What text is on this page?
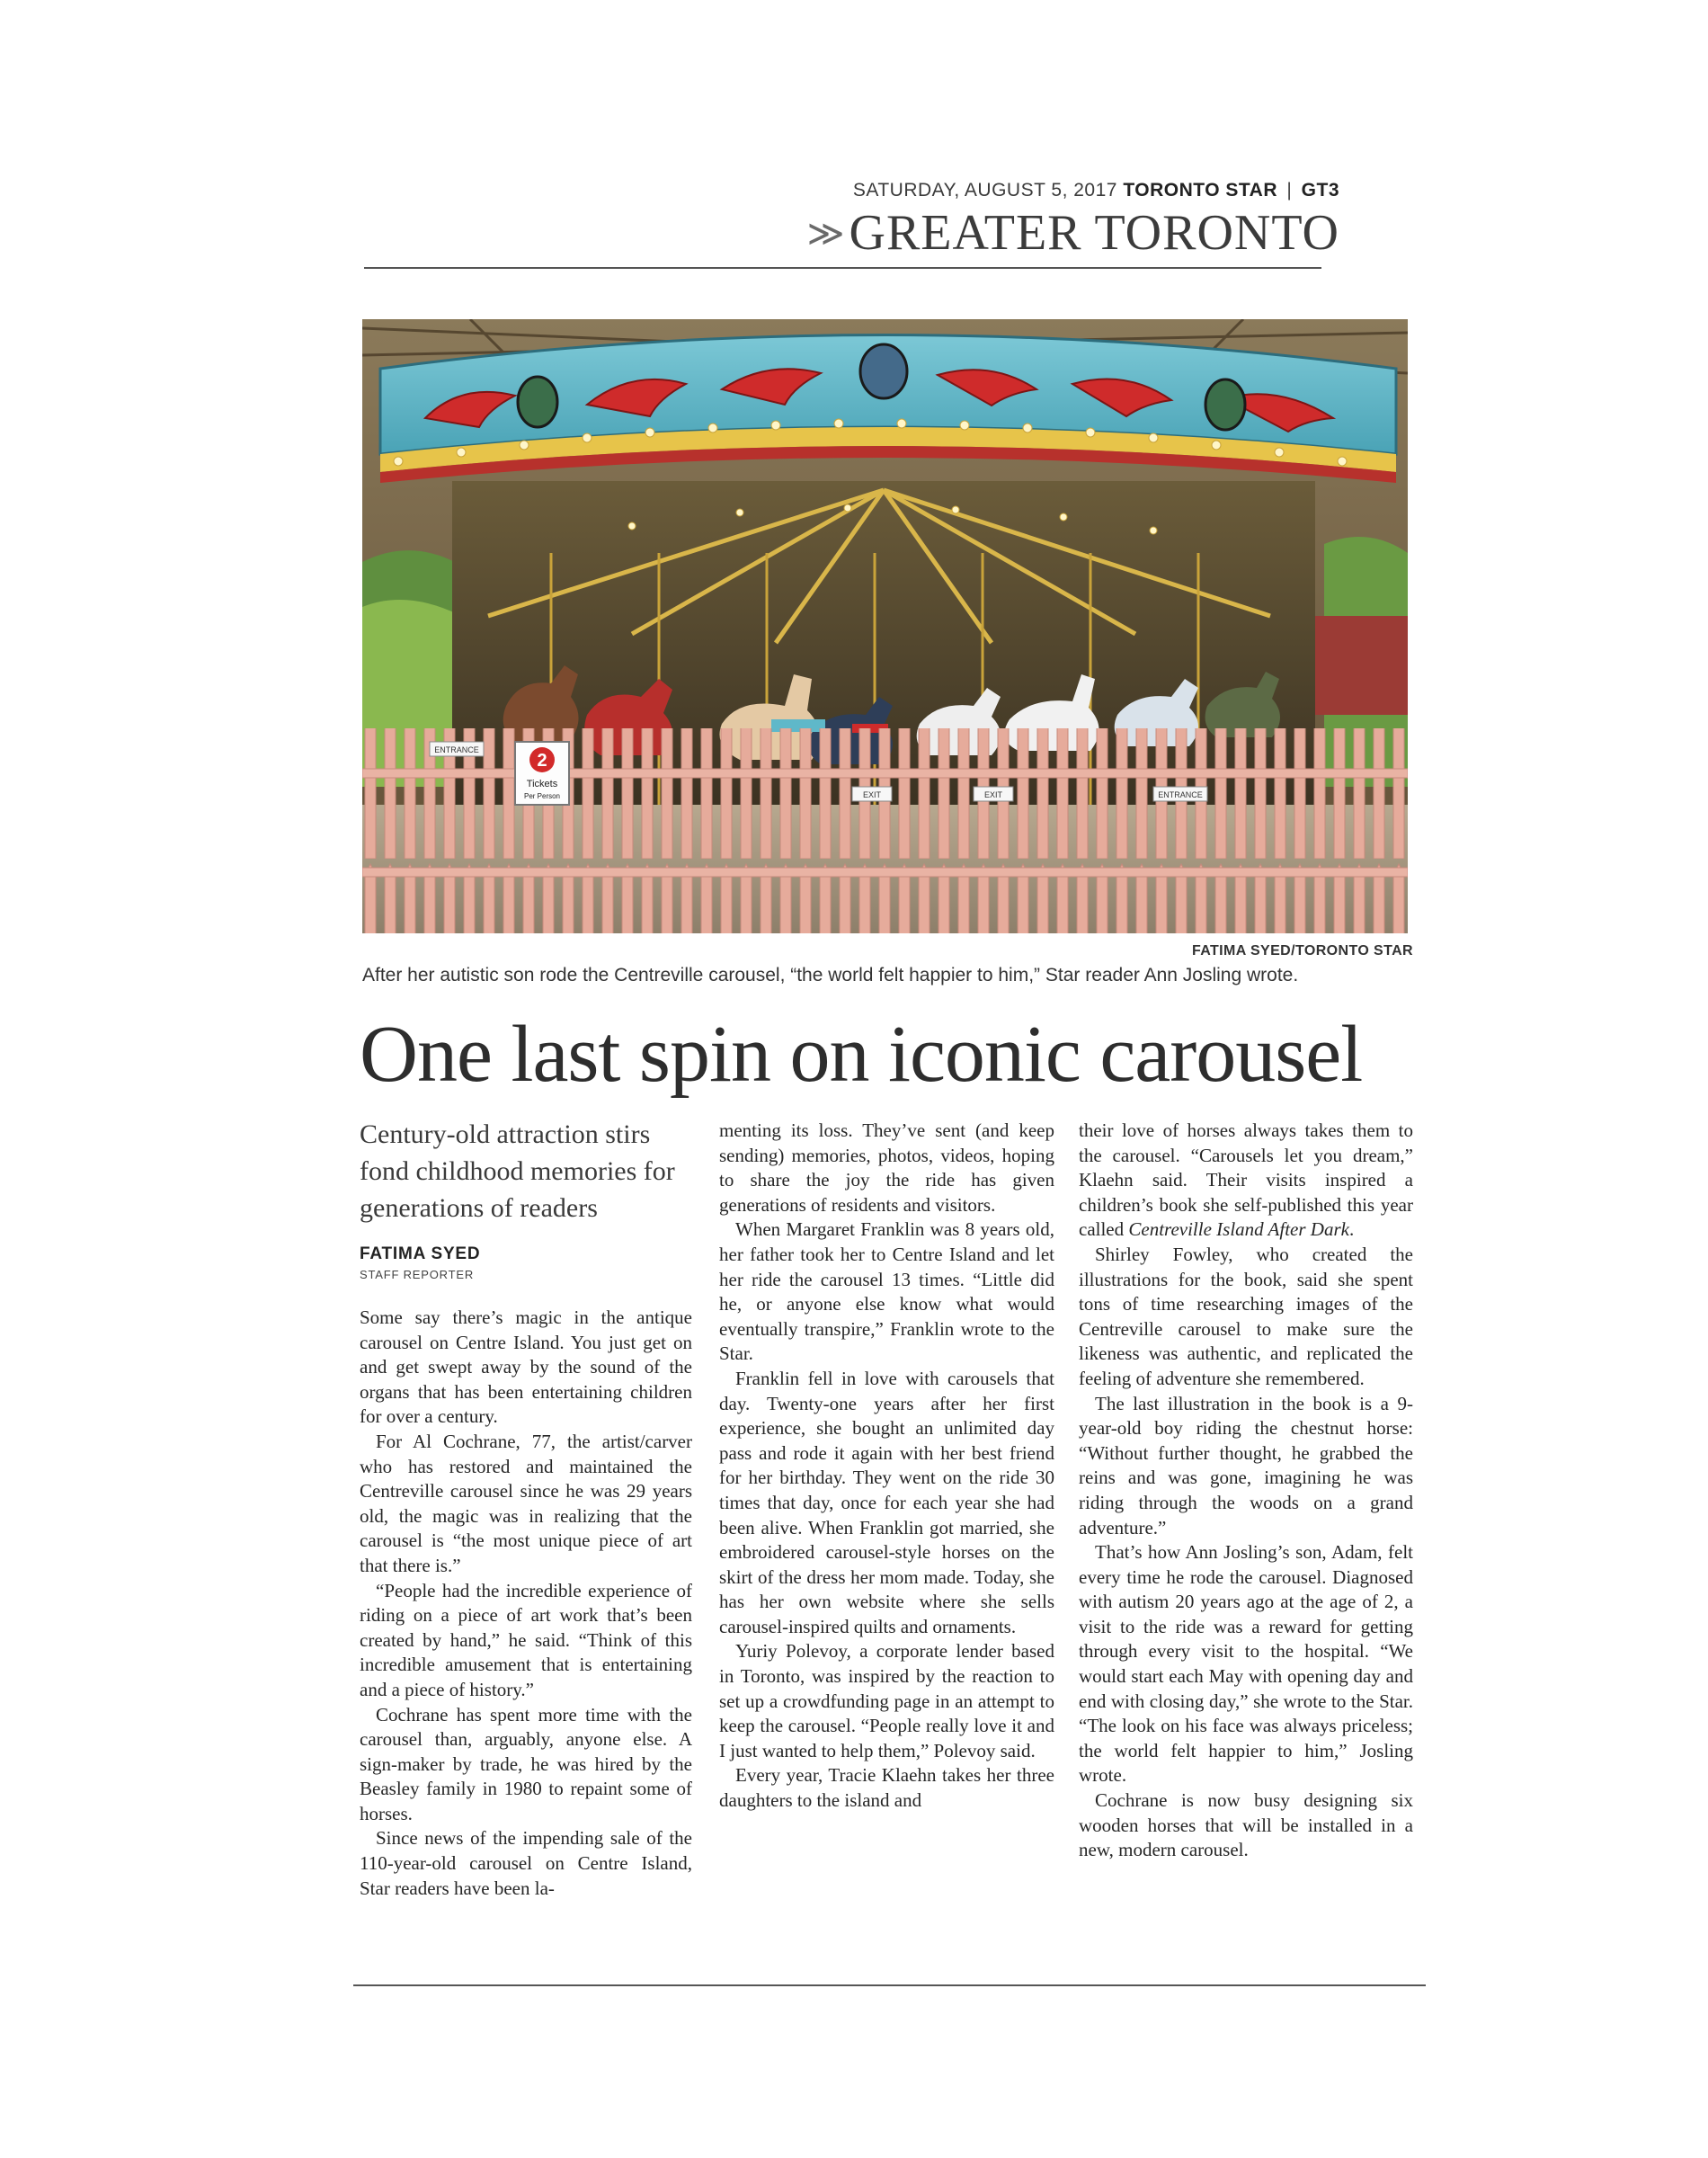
SATURDAY, AUGUST 5, 2017 TORONTO STAR | GT3
≫GREATER TORONTO
2
Tickets
Per Person
ENTRANCE
EXIT	EXIT	ENTRANCE
FATIMA SYED/TORONTO STAR
After her autistic son rode the Centreville carousel, “the world felt happier to him,” Star reader Ann Josling wrote.
One last spin on iconic carousel
Century-old attraction stirs fond childhood memories for generations of readers
FATIMA SYED
STAFF REPORTER

Some say there’s magic in the antique carousel on Centre Island. You just get on and get swept away by the sound of the organs that has been entertaining children for over a century.

For Al Cochrane, 77, the artist/carver who has restored and maintained the Centreville carousel since he was 29 years old, the magic was in realizing that the carousel is “the most unique piece of art that there is.”

“People had the incredible experience of riding on a piece of art work that’s been created by hand,” he said. “Think of this incredible amusement that is entertaining and a piece of history.”

Cochrane has spent more time with the carousel than, arguably, anyone else. A sign-maker by trade, he was hired by the Beasley family in 1980 to repaint some of horses.

Since news of the impending sale of the 110-year-old carousel on Centre Island, Star readers have been la-

menting its loss. They’ve sent (and keep sending) memories, photos, videos, hoping to share the joy the ride has given generations of residents and visitors.

When Margaret Franklin was 8 years old, her father took her to Centre Island and let her ride the carousel 13 times. “Little did he, or anyone else know what would eventually transpire,” Franklin wrote to the Star.

Franklin fell in love with carousels that day. Twenty-one years after her first experience, she bought an unlimited day pass and rode it again with her best friend for her birthday. They went on the ride 30 times that day, once for each year she had been alive. When Franklin got married, she embroidered carousel-style horses on the skirt of the dress her mom made. Today, she has her own website where she sells carousel-inspired quilts and ornaments.

Yuriy Polevoy, a corporate lender based in Toronto, was inspired by the reaction to set up a crowdfunding page in an attempt to keep the carousel. “People really love it and I just wanted to help them,” Polevoy said.

Every year, Tracie Klaehn takes her three daughters to the island and

their love of horses always takes them to the carousel. “Carousels let you dream,” Klaehn said. Their visits inspired a children’s book she self-published this year called Centreville Island After Dark.

Shirley Fowley, who created the illustrations for the book, said she spent tons of time researching images of the Centreville carousel to make sure the likeness was authentic, and replicated the feeling of adventure she remembered.

The last illustration in the book is a 9-year-old boy riding the chestnut horse: “Without further thought, he grabbed the reins and was gone, imagining he was riding through the woods on a grand adventure.”

That’s how Ann Josling’s son, Adam, felt every time he rode the carousel. Diagnosed with autism 20 years ago at the age of 2, a visit to the ride was a reward for getting through every visit to the hospital. “We would start each May with opening day and end with closing day,” she wrote to the Star. “The look on his face was always priceless; the world felt happier to him,” Josling wrote.

Cochrane is now busy designing six wooden horses that will be installed in a new, modern carousel.
